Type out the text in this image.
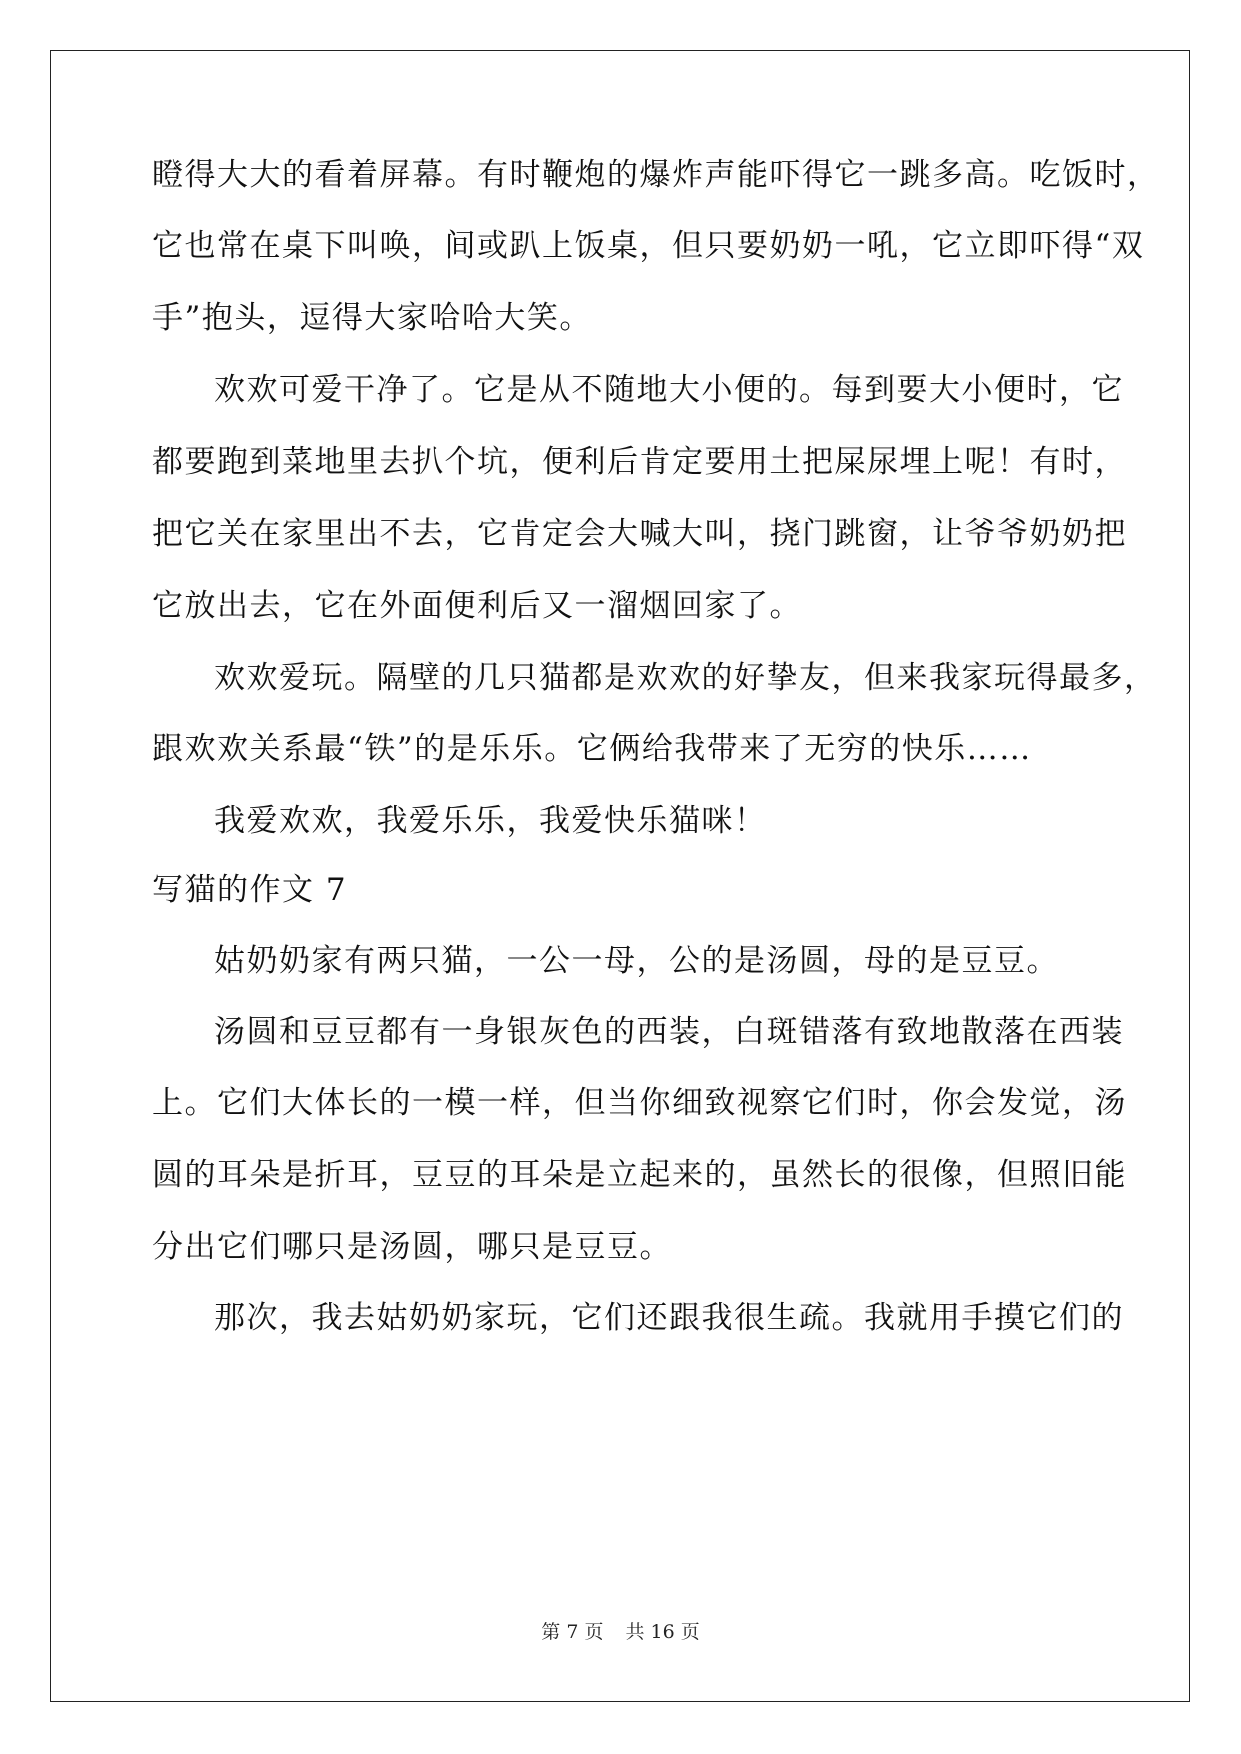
瞪得大大的看着屏幕。有时鞭炮的爆炸声能吓得它一跳多高。吃饭时，
它也常在桌下叫唤，间或趴上饭桌，但只要奶奶一吼，它立即吓得“双
手”抱头，逗得大家哈哈大笑。
欢欢可爱干净了。它是从不随地大小便的。每到要大小便时，它
都要跑到菜地里去扒个坑，便利后肯定要用土把屎尿埋上呢！有时，
把它关在家里出不去，它肯定会大喊大叫，挠门跳窗，让爷爷奶奶把
它放出去，它在外面便利后又一溜烟回家了。
欢欢爱玩。隔壁的几只猫都是欢欢的好挚友，但来我家玩得最多，
跟欢欢关系最“铁”的是乐乐。它俩给我带来了无穷的快乐……
我爱欢欢，我爱乐乐，我爱快乐猫咪！
写猫的作文 7
姑奶奶家有两只猫，一公一母，公的是汤圆，母的是豆豆。
汤圆和豆豆都有一身银灰色的西装，白斑错落有致地散落在西装
上。它们大体长的一模一样，但当你细致视察它们时，你会发觉，汤
圆的耳朵是折耳，豆豆的耳朵是立起来的，虽然长的很像，但照旧能
分出它们哪只是汤圆，哪只是豆豆。
那次，我去姑奶奶家玩，它们还跟我很生疏。我就用手摸它们的
第 7 页 共 16 页
